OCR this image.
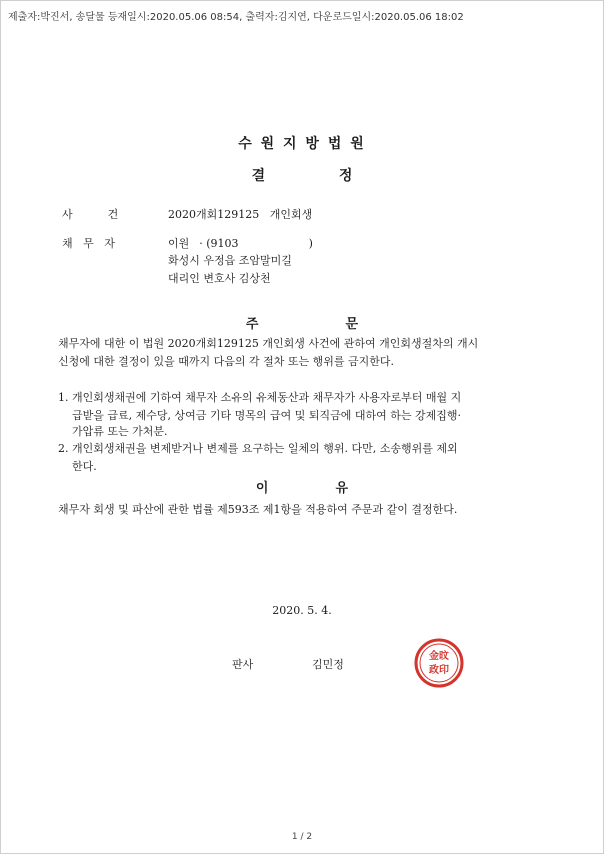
제출자:박진서, 송달물 등재일시:2020.05.06 08:54, 출력자:김지연, 다운로드일시:2020.05.06 18:02
수 원 지 방 법 원
결	정
사          건	2020개회129125   개인회생
채   무   자	이원 · (9103	)
화성시 우정읍 조암말미길
대리인 변호사 김상천
주	문
채무자에 대한 이 법원 2020개회129125 개인회생 사건에 관하여 개인회생절차의 개시
신청에 대한 결정이 있을 때까지 다음의 각 절차 또는 행위를 금지한다.
1. 개인회생채권에 기하여 채무자 소유의 유체동산과 채무자가 사용자로부터 매월 지
급받을 급료, 제수당, 상여금 기타 명목의 급여 및 퇴직금에 대하여 하는 강제집행·
가압류 또는 가처분.
2. 개인회생채권을 변제받거나 변제를 요구하는 일체의 행위. 다만, 소송행위를 제외
한다.
이	유
채무자 회생 및 파산에 관한 법률 제593조 제1항을 적용하여 주문과 같이 결정한다.
2020. 5. 4.
판사	김민정
金旼
政印
1 / 2
